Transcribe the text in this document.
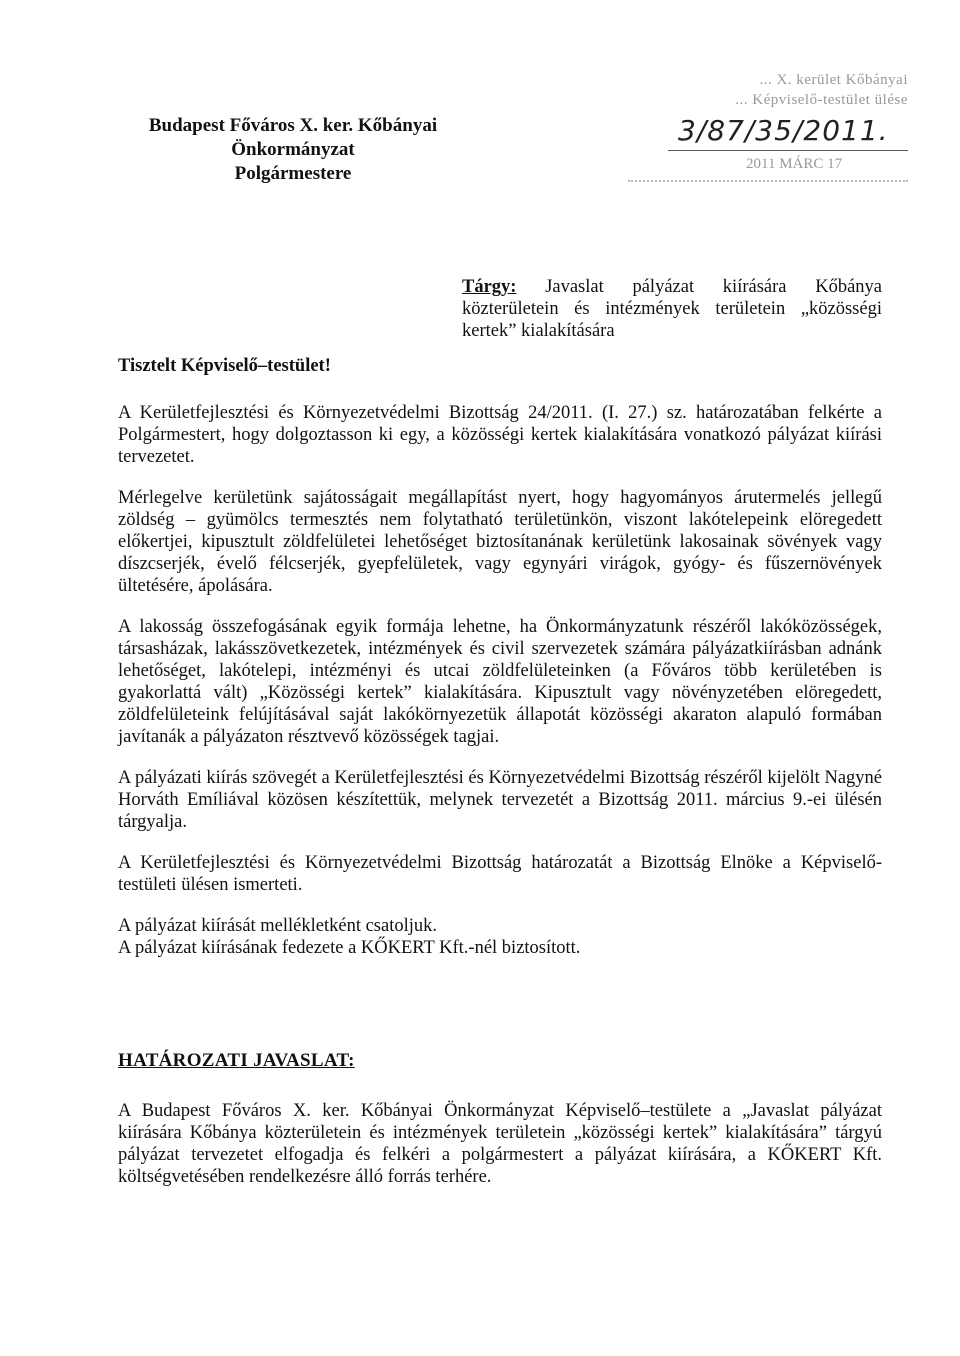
Budapest Főváros X. ker. Kőbányai Önkormányzat
Polgármestere
... X. kerület Kőbányai
... Képviselő-testület ülése
3/87/35/2011.
2011 MÁRC 17
Tárgy: Javaslat pályázat kiírására Kőbánya közterületein és intézmények területein „közösségi kertek” kialakítására
Tisztelt Képviselő–testület!

A Kerületfejlesztési és Környezetvédelmi Bizottság 24/2011. (I. 27.) sz. határozatában felkérte a Polgármestert, hogy dolgoztasson ki egy, a közösségi kertek kialakítására vonatkozó pályázat kiírási tervezetet.

Mérlegelve kerületünk sajátosságait megállapítást nyert, hogy hagyományos árutermelés jellegű zöldség – gyümölcs termesztés nem folytatható területünkön, viszont lakótelepeink elöregedett előkertjei, kipusztult zöldfelületei lehetőséget biztosítanának kerületünk lakosainak sövények vagy díszcserjék, évelő félcserjék, gyepfelületek, vagy egynyári virágok, gyógy- és fűszernövények ültetésére, ápolására.

A lakosság összefogásának egyik formája lehetne, ha Önkormányzatunk részéről lakóközösségek, társasházak, lakásszövetkezetek, intézmények és civil szervezetek számára pályázatkiírásban adnánk lehetőséget, lakótelepi, intézményi és utcai zöldfelületeinken (a Főváros több kerületében is gyakorlattá vált) „Közösségi kertek” kialakítására. Kipusztult vagy növényzetében elöregedett, zöldfelületeink felújításával saját lakókörnyezetük állapotát közösségi akaraton alapuló formában javítanák a pályázaton résztvevő közösségek tagjai.

A pályázati kiírás szövegét a Kerületfejlesztési és Környezetvédelmi Bizottság részéről kijelölt Nagyné Horváth Emíliával közösen készítettük, melynek tervezetét a Bizottság 2011. március 9.-ei ülésén tárgyalja.

A Kerületfejlesztési és Környezetvédelmi Bizottság határozatát a Bizottság Elnöke a Képviselő-testületi ülésen ismerteti.

A pályázat kiírását mellékletként csatoljuk.

A pályázat kiírásának fedezete a KŐKERT Kft.-nél biztosított.

HATÁROZATI JAVASLAT:

A Budapest Főváros X. ker. Kőbányai Önkormányzat Képviselő–testülete a „Javaslat pályázat kiírására Kőbánya közterületein és intézmények területein „közösségi kertek” kialakítására” tárgyú pályázat tervezetet elfogadja és felkéri a polgármestert a pályázat kiírására, a KŐKERT Kft. költségvetésében rendelkezésre álló forrás terhére.
